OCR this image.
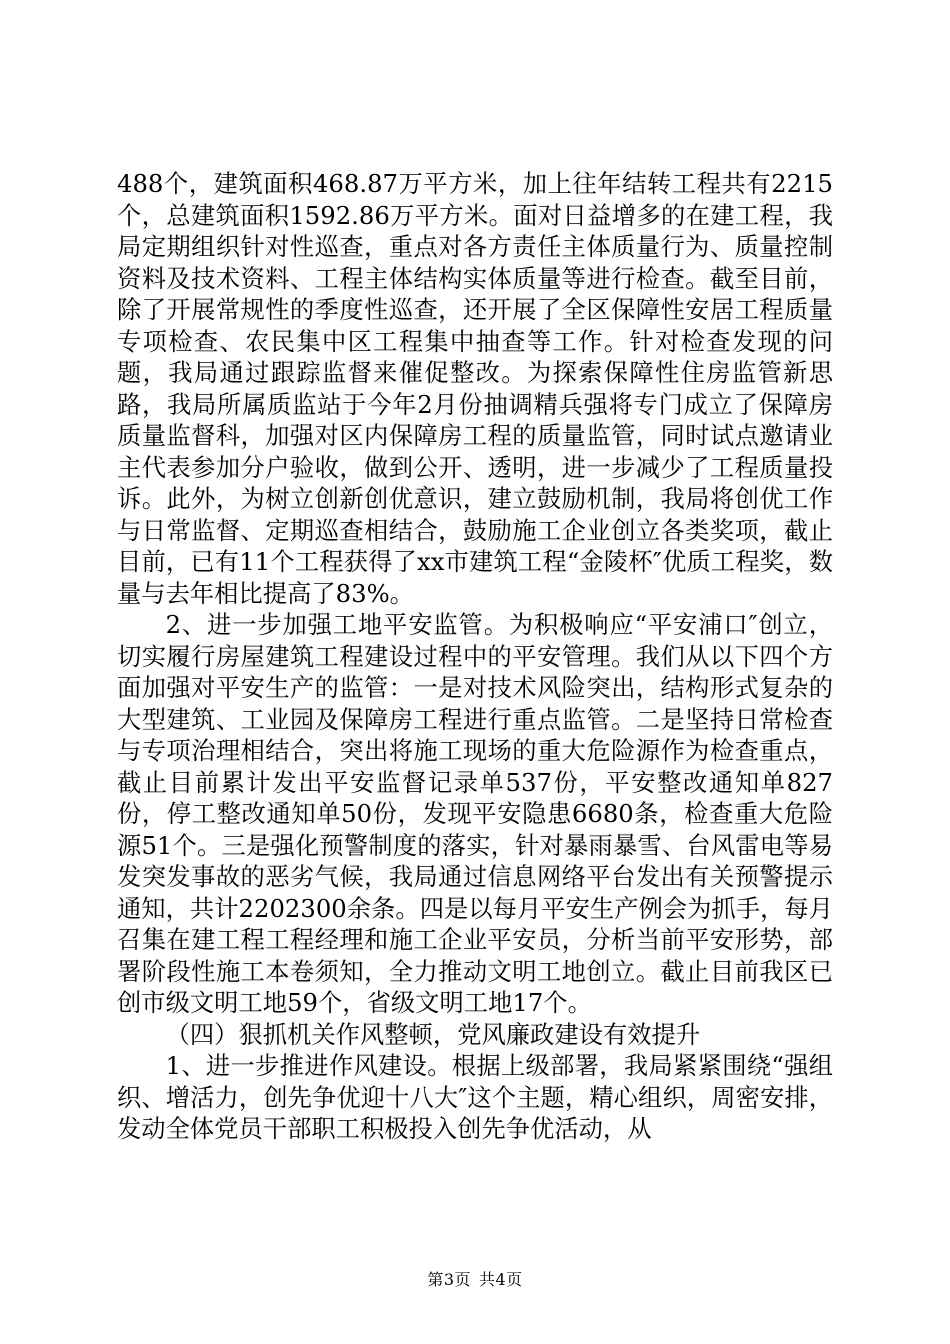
488个，建筑面积468.87万平方米，加上往年结转工程共有2215个，总建筑面积1592.86万平方米。面对日益增多的在建工程，我局定期组织针对性巡查，重点对各方责任主体质量行为、质量控制资料及技术资料、工程主体结构实体质量等进行检查。截至目前，除了开展常规性的季度性巡查，还开展了全区保障性安居工程质量专项检查、农民集中区工程集中抽查等工作。针对检查发现的问题，我局通过跟踪监督来催促整改。为探索保障性住房监管新思路，我局所属质监站于今年2月份抽调精兵强将专门成立了保障房质量监督科，加强对区内保障房工程的质量监管，同时试点邀请业主代表参加分户验收，做到公开、透明，进一步减少了工程质量投诉。此外，为树立创新创优意识，建立鼓励机制，我局将创优工作与日常监督、定期巡查相结合，鼓励施工企业创立各类奖项，截止目前，已有11个工程获得了xx市建筑工程“金陵杯″优质工程奖，数量与去年相比提高了83%。

2、进一步加强工地平安监管。为积极响应“平安浦口″创立，切实履行房屋建筑工程建设过程中的平安管理。我们从以下四个方面加强对平安生产的监管：一是对技术风险突出，结构形式复杂的大型建筑、工业园及保障房工程进行重点监管。二是坚持日常检查与专项治理相结合，突出将施工现场的重大危险源作为检查重点，截止目前累计发出平安监督记录单537份，平安整改通知单827份，停工整改通知单50份，发现平安隐患6680条，检查重大危险源51个。三是强化预警制度的落实，针对暴雨暴雪、台风雷电等易发突发事故的恶劣气候，我局通过信息网络平台发出有关预警提示通知，共计2202300余条。四是以每月平安生产例会为抓手，每月召集在建工程工程经理和施工企业平安员，分析当前平安形势，部署阶段性施工本卷须知，全力推动文明工地创立。截止目前我区已创市级文明工地59个，省级文明工地17个。

（四）狠抓机关作风整顿，党风廉政建设有效提升

1、进一步推进作风建设。根据上级部署，我局紧紧围绕“强组织、增活力，创先争优迎十八大″这个主题，精心组织，周密安排，发动全体党员干部职工积极投入创先争优活动，从

第3页 共4页
